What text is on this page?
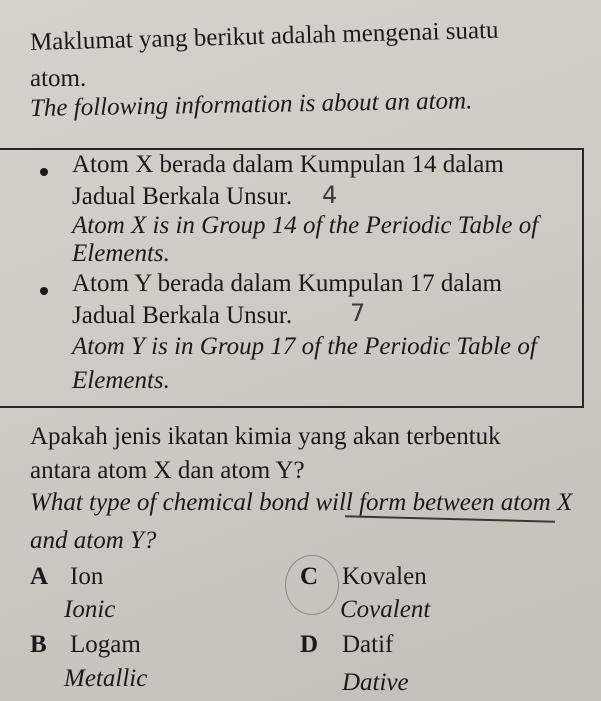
Maklumat yang berikut adalah mengenai suatu
atom.
The following information is about an atom.
Atom X berada dalam Kumpulan 14 dalam
Jadual Berkala Unsur. 4
Atom X is in Group 14 of the Periodic Table of
Elements.
Atom Y berada dalam Kumpulan 17 dalam
Jadual Berkala Unsur. 7
Atom Y is in Group 17 of the Periodic Table of
Elements.
Apakah jenis ikatan kimia yang akan terbentuk
antara atom X dan atom Y?
What type of chemical bond will form between atom X
and atom Y?
A Ion
Ionic
C Kovalen
Covalent
B Logam
Metallic
D Datif
Dative
